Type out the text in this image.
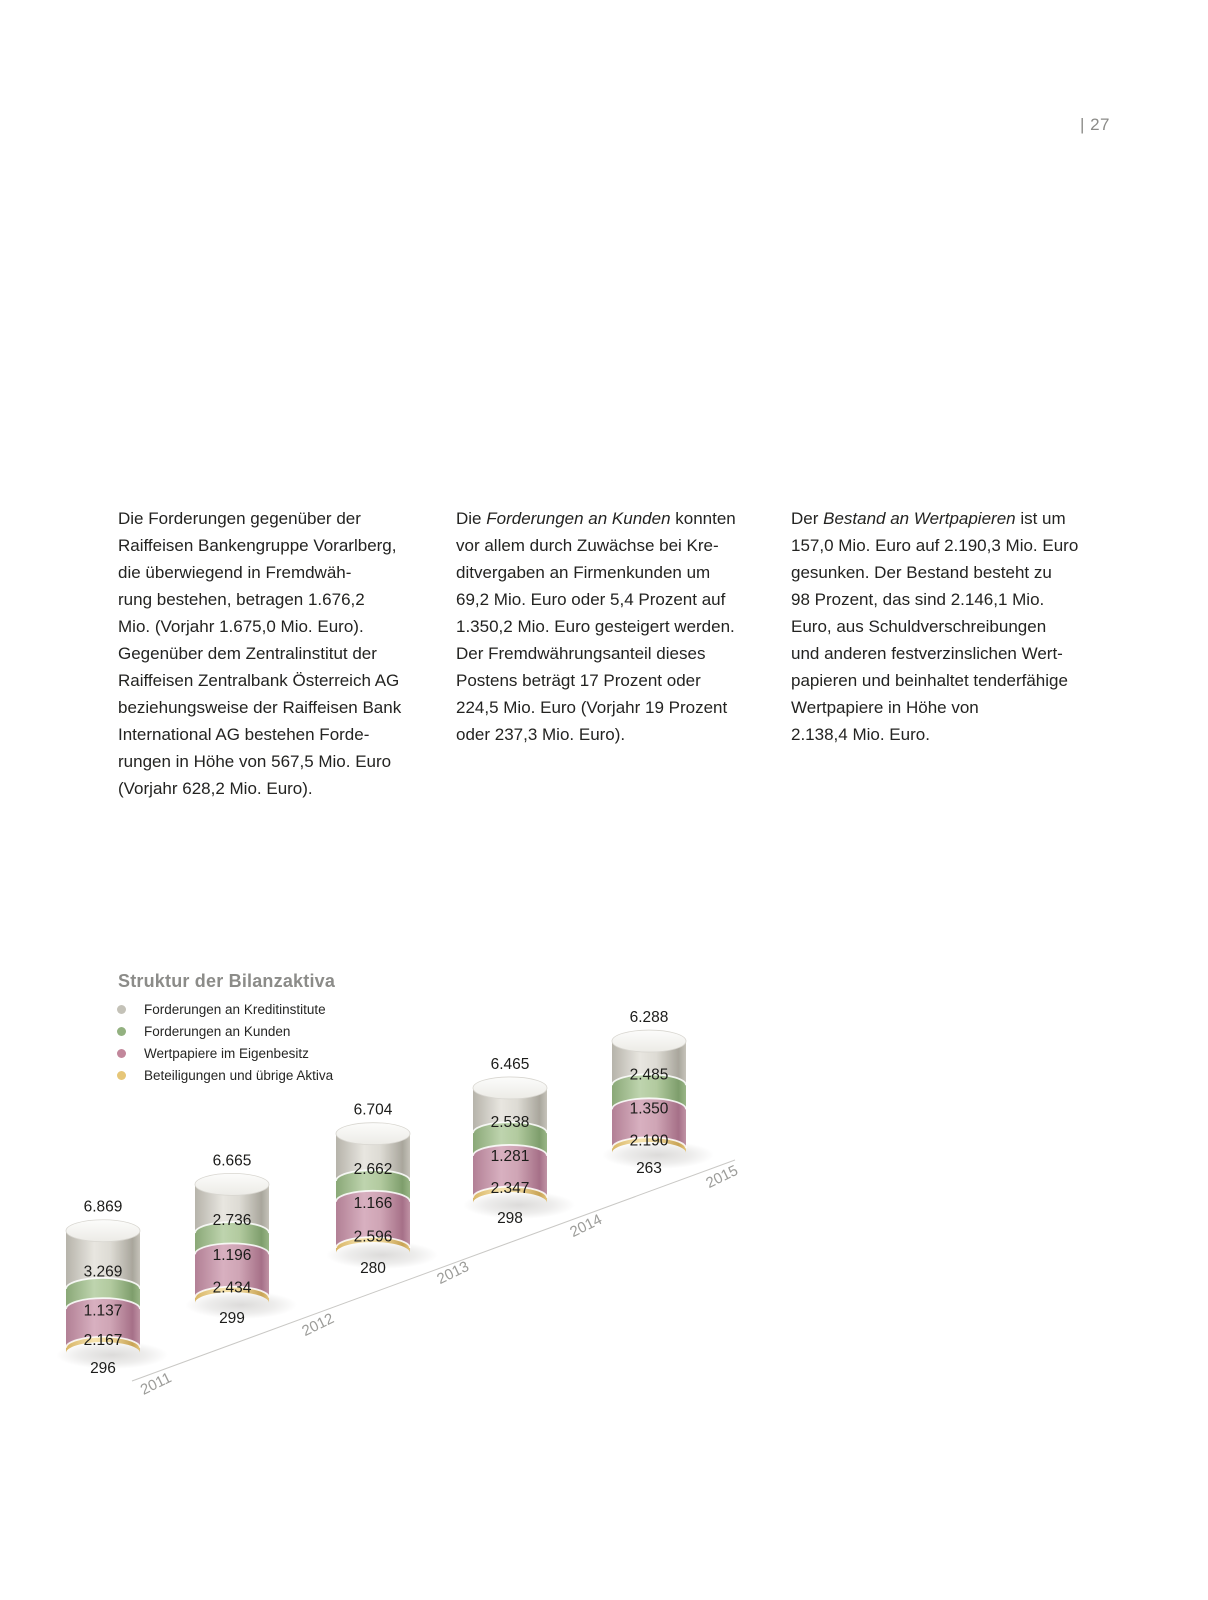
| 27
Die Forderungen gegenüber der
Raiffeisen Bankengruppe Vorarlberg,
die überwiegend in Fremdwäh-
rung bestehen, betragen 1.676,2
Mio. (Vorjahr 1.675,0 Mio. Euro).
Gegenüber dem Zentralinstitut der
Raiffeisen Zentralbank Österreich AG
beziehungsweise der Raiffeisen Bank
International AG bestehen Forde-
rungen in Höhe von 567,5 Mio. Euro
(Vorjahr 628,2 Mio. Euro).
Die Forderungen an Kunden konnten
vor allem durch Zuwächse bei Kre-
ditvergaben an Firmenkunden um
69,2 Mio. Euro oder 5,4 Prozent auf
1.350,2 Mio. Euro gesteigert werden.
Der Fremdwährungsanteil dieses
Postens beträgt 17 Prozent oder
224,5 Mio. Euro (Vorjahr 19 Prozent
oder 237,3 Mio. Euro).
Der Bestand an Wertpapieren ist um
157,0 Mio. Euro auf 2.190,3 Mio. Euro
gesunken. Der Bestand besteht zu
98 Prozent, das sind 2.146,1 Mio.
Euro, aus Schuldverschreibungen
und anderen festverzinslichen Wert-
papieren und beinhaltet tenderfähige
Wertpapiere in Höhe von
2.138,4 Mio. Euro.
Struktur der Bilanzaktiva
Forderungen an Kreditinstitute
Forderungen an Kunden
Wertpapiere im Eigenbesitz
Beteiligungen und übrige Aktiva
2011
2012
2013
2014
2015
6.869
3.269
1.137
2.167
296
6.665
2.736
1.196
2.434
299
6.704
2.662
1.166
2.596
280
6.465
2.538
1.281
2.347
298
6.288
2.485
1.350
2.190
263
